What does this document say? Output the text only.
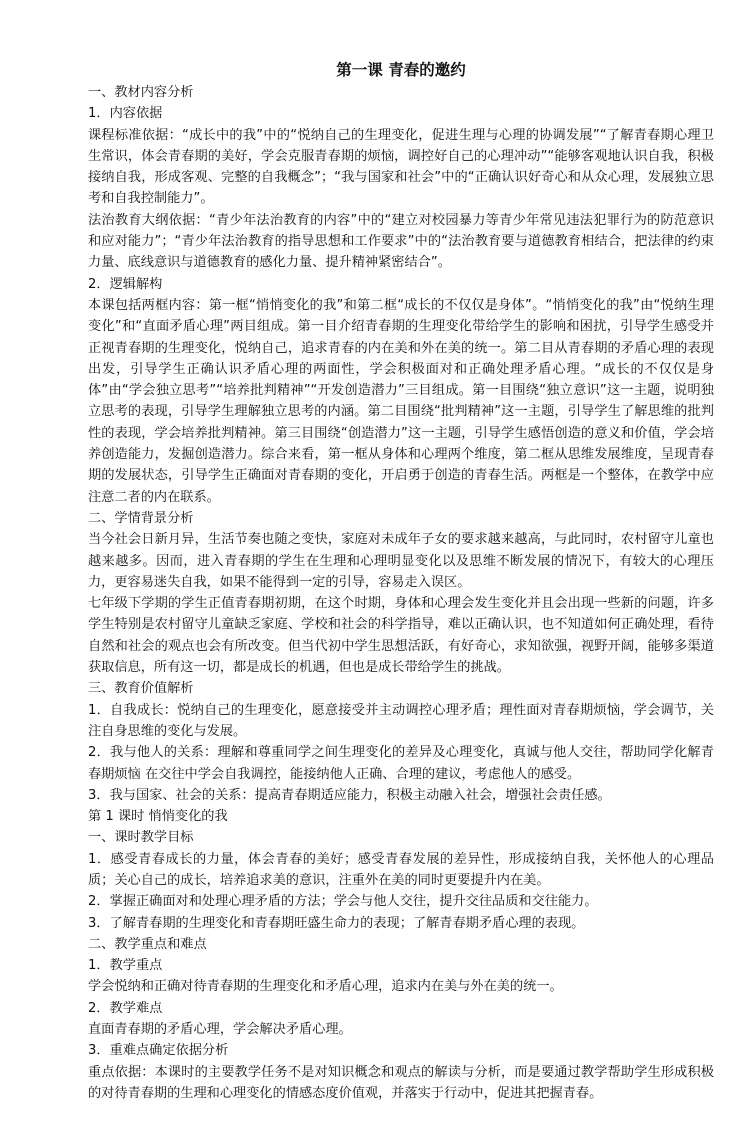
第一课 青春的邀约

一、教材内容分析

1．内容依据

课程标准依据：“成长中的我”中的“悦纳自己的生理变化，促进生理与心理的协调发展”“了解青春期心理卫生常识，体会青春期的美好，学会克服青春期的烦恼，调控好自己的心理冲动”“能够客观地认识自我，积极接纳自我，形成客观、完整的自我概念”；“我与国家和社会”中的“正确认识好奇心和从众心理，发展独立思考和自我控制能力”。

法治教育大纲依据：“青少年法治教育的内容”中的“建立对校园暴力等青少年常见违法犯罪行为的防范意识和应对能力”；“青少年法治教育的指导思想和工作要求”中的“法治教育要与道德教育相结合，把法律的约束力量、底线意识与道德教育的感化力量、提升精神紧密结合”。

2．逻辑解构

本课包括两框内容：第一框“悄悄变化的我”和第二框“成长的不仅仅是身体”。“悄悄变化的我”由“悦纳生理变化”和“直面矛盾心理”两目组成。第一目介绍青春期的生理变化带给学生的影响和困扰，引导学生感受并正视青春期的生理变化，悦纳自己，追求青春的内在美和外在美的统一。第二目从青春期的矛盾心理的表现出发，引导学生正确认识矛盾心理的两面性，学会积极面对和正确处理矛盾心理。“成长的不仅仅是身体”由“学会独立思考”“培养批判精神”“开发创造潜力”三目组成。第一目围绕“独立意识”这一主题，说明独立思考的表现，引导学生理解独立思考的内涵。第二目围绕“批判精神”这一主题，引导学生了解思维的批判性的表现，学会培养批判精神。第三目围绕“创造潜力”这一主题，引导学生感悟创造的意义和价值，学会培养创造能力，发掘创造潜力。综合来看，第一框从身体和心理两个维度，第二框从思维发展维度，呈现青春期的发展状态，引导学生正确面对青春期的变化，开启勇于创造的青春生活。两框是一个整体，在教学中应注意二者的内在联系。

二、学情背景分析

当今社会日新月异，生活节奏也随之变快，家庭对未成年子女的要求越来越高，与此同时，农村留守儿童也越来越多。因而，进入青春期的学生在生理和心理明显变化以及思维不断发展的情况下，有较大的心理压力，更容易迷失自我，如果不能得到一定的引导，容易走入误区。

七年级下学期的学生正值青春期初期，在这个时期，身体和心理会发生变化并且会出现一些新的问题，许多学生特别是农村留守儿童缺乏家庭、学校和社会的科学指导，难以正确认识，也不知道如何正确处理，看待自然和社会的观点也会有所改变。但当代初中学生思想活跃，有好奇心，求知欲强，视野开阔，能够多渠道获取信息，所有这一切，都是成长的机遇，但也是成长带给学生的挑战。

三、教育价值解析

1．自我成长：悦纳自己的生理变化，愿意接受并主动调控心理矛盾；理性面对青春期烦恼，学会调节，关注自身思维的变化与发展。

2．我与他人的关系：理解和尊重同学之间生理变化的差异及心理变化，真诚与他人交往，帮助同学化解青春期烦恼 在交往中学会自我调控，能接纳他人正确、合理的建议，考虑他人的感受。

3．我与国家、社会的关系：提高青春期适应能力，积极主动融入社会，增强社会责任感。

第 1 课时 悄悄变化的我

一、课时教学目标

1．感受青春成长的力量，体会青春的美好；感受青春发展的差异性，形成接纳自我，关怀他人的心理品质；关心自己的成长，培养追求美的意识，注重外在美的同时更要提升内在美。

2．掌握正确面对和处理心理矛盾的方法；学会与他人交往，提升交往品质和交往能力。

3．了解青春期的生理变化和青春期旺盛生命力的表现；了解青春期矛盾心理的表现。

二、教学重点和难点

1．教学重点

学会悦纳和正确对待青春期的生理变化和矛盾心理，追求内在美与外在美的统一。

2．教学难点

直面青春期的矛盾心理，学会解决矛盾心理。

3．重难点确定依据分析

重点依据：本课时的主要教学任务不是对知识概念和观点的解读与分析，而是要通过教学帮助学生形成积极的对待青春期的生理和心理变化的情感态度价值观，并落实于行动中，促进其把握青春。
